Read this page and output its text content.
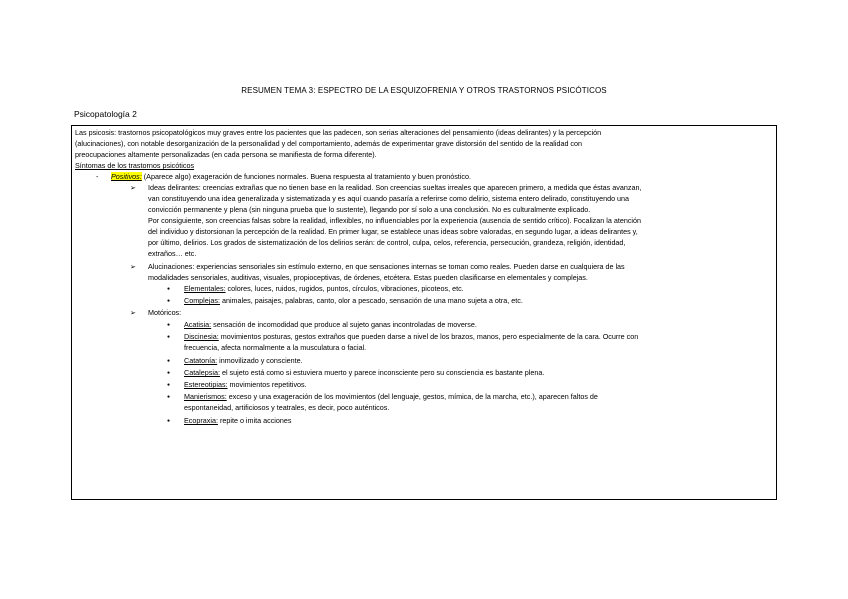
RESUMEN TEMA 3: ESPECTRO DE LA ESQUIZOFRENIA Y OTROS TRASTORNOS PSICÓTICOS
Psicopatología 2
Las psicosis: trastornos psicopatológicos muy graves entre los pacientes que las padecen, son serias alteraciones del pensamiento (ideas delirantes) y la percepción
(alucinaciones), con notable desorganización de la personalidad y del comportamiento, además de experimentar grave distorsión del sentido de la realidad con
preocupaciones altamente personalizadas (en cada persona se manifiesta de forma diferente).
Síntomas de los trastornos psicóticos
- Positivos: (Aparece algo) exageración de funciones normales. Buena respuesta al tratamiento y buen pronóstico.
➢ Ideas delirantes: creencias extrañas que no tienen base en la realidad. Son creencias sueltas irreales que aparecen primero, a medida que éstas avanzan,
van constituyendo una idea generalizada y sistematizada y es aquí cuando pasaría a referirse como delirio, sistema entero delirado, constituyendo una
convicción permanente y plena (sin ninguna prueba que lo sustente), llegando por sí solo a una conclusión. No es culturalmente explicado.
Por consiguiente, son creencias falsas sobre la realidad, inflexibles, no influenciables por la experiencia (ausencia de sentido crítico). Focalizan la atención
del individuo y distorsionan la percepción de la realidad. En primer lugar, se establece unas ideas sobre valoradas, en segundo lugar, a ideas delirantes y,
por último, delirios. Los grados de sistematización de los delirios serán: de control, culpa, celos, referencia, persecución, grandeza, religión, identidad,
extraños… etc.
➢ Alucinaciones: experiencias sensoriales sin estímulo externo, en que sensaciones internas se toman como reales. Pueden darse en cualquiera de las
modalidades sensoriales, auditivas, visuales, propioceptivas, de órdenes, etcétera. Estas pueden clasificarse en elementales y complejas.
● Elementales: colores, luces, ruidos, rugidos, puntos, círculos, vibraciones, picoteos, etc.
● Complejas: animales, paisajes, palabras, canto, olor a pescado, sensación de una mano sujeta a otra, etc.
➢ Motóricos:
● Acatisia: sensación de incomodidad que produce al sujeto ganas incontroladas de moverse.
● Discinesia: movimientos posturas, gestos extraños que pueden darse a nivel de los brazos, manos, pero especialmente de la cara. Ocurre con
frecuencia, afecta normalmente a la musculatura o facial.
● Catatonía: inmovilizado y consciente.
● Catalepsia: el sujeto está como si estuviera muerto y parece inconsciente pero su consciencia es bastante plena.
● Estereotipias: movimientos repetitivos.
● Manierismos: exceso y una exageración de los movimientos (del lenguaje, gestos, mímica, de la marcha, etc.), aparecen faltos de
espontaneidad, artificiosos y teatrales, es decir, poco auténticos.
● Ecopraxia: repite o imita acciones
